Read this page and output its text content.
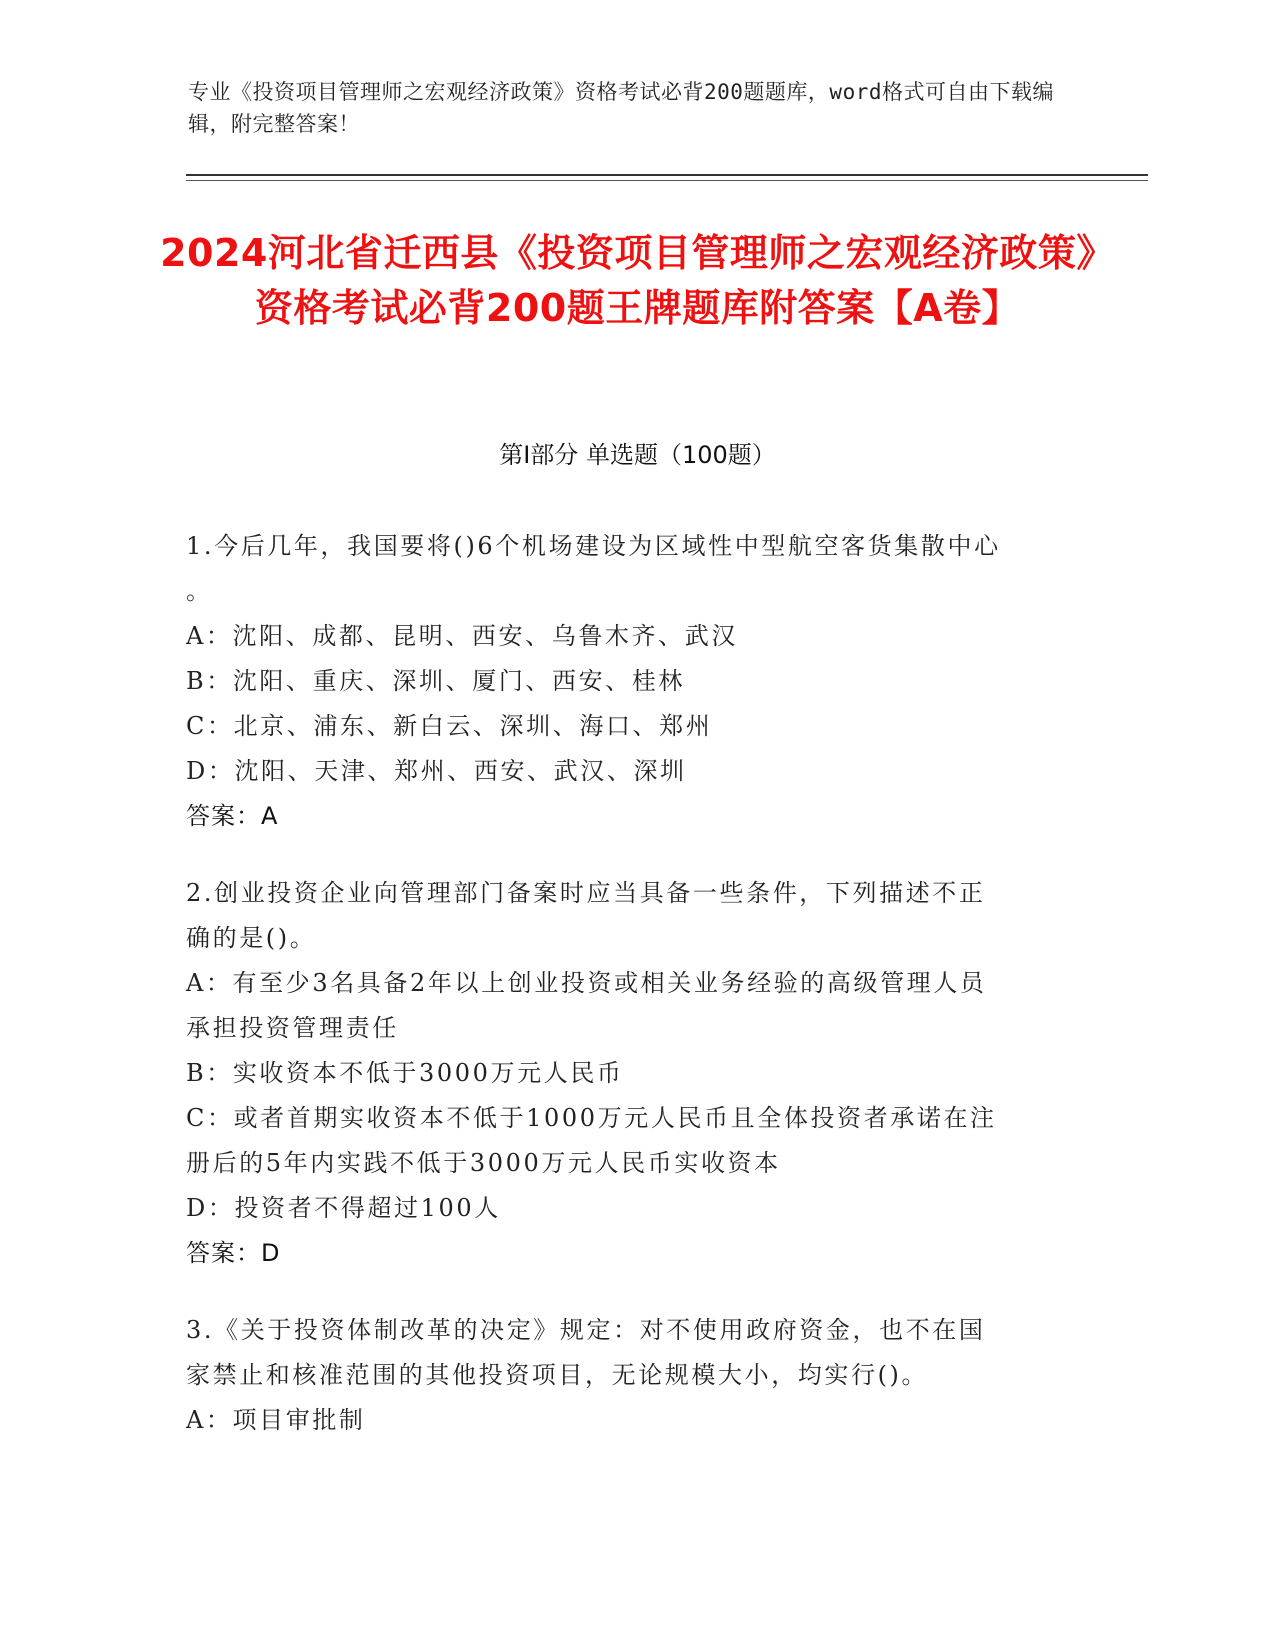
专业《投资项目管理师之宏观经济政策》资格考试必背200题题库，word格式可自由下载编辑，附完整答案！
2024河北省迁西县《投资项目管理师之宏观经济政策》资格考试必背200题王牌题库附答案【A卷】
第I部分 单选题（100题）
1.今后几年，我国要将()6个机场建设为区域性中型航空客货集散中心
。
A：沈阳、成都、昆明、西安、乌鲁木齐、武汉
B：沈阳、重庆、深圳、厦门、西安、桂林
C：北京、浦东、新白云、深圳、海口、郑州
D：沈阳、天津、郑州、西安、武汉、深圳
答案：A
2.创业投资企业向管理部门备案时应当具备一些条件，下列描述不正
确的是()。
A：有至少3名具备2年以上创业投资或相关业务经验的高级管理人员
承担投资管理责任
B：实收资本不低于3000万元人民币
C：或者首期实收资本不低于1000万元人民币且全体投资者承诺在注
册后的5年内实践不低于3000万元人民币实收资本
D：投资者不得超过100人
答案：D
3.《关于投资体制改革的决定》规定：对不使用政府资金，也不在国
家禁止和核准范围的其他投资项目，无论规模大小，均实行()。
A：项目审批制
